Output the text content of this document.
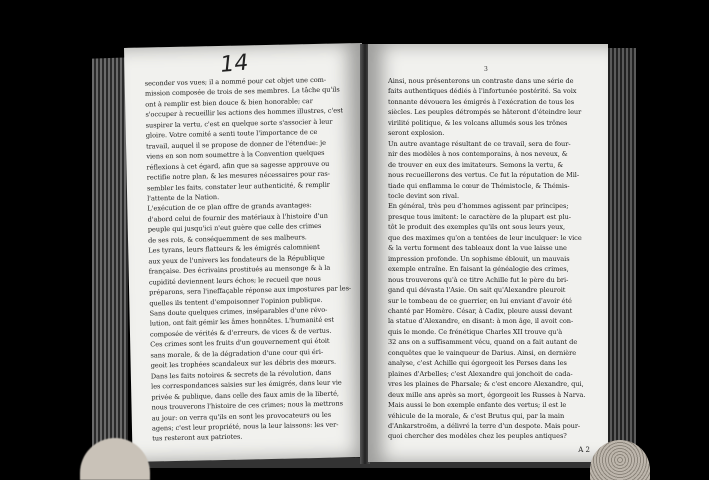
14
seconder vos vues; il a nommé pour cet objet une com-
mission composée de trois de ses membres. La tâche qu'ils
ont à remplir est bien douce & bien honorable; car
s'occuper à recueillir les actions des hommes illustres, c'est
suspirer la vertu, c'est en quelque sorte s'associer à leur
gloire. Votre comité a senti toute l'importance de ce
travail, auquel il se propose de donner de l'étendue: je
viens en son nom soumettre à la Convention quelques
réflexions à cet égard, afin que sa sagesse approuve ou
rectifie notre plan, & les mesures nécessaires pour ras-
sembler les faits, constater leur authenticité, & remplir
l'attente de la Nation.
L'exécution de ce plan offre de grands avantages:
d'abord celui de fournir des matériaux à l'histoire d'un
peuple qui jusqu'ici n'eut guère que celle des crimes
de ses rois, & conséquemment de ses malheurs.
Les tyrans, leurs flatteurs & les émigrés calomnient
aux yeux de l'univers les fondateurs de la République
française. Des écrivains prostitués au mensonge & à la
cupidité deviennent leurs échos; le recueil que nous
préparons, sera l'ineffaçable réponse aux impostures par les-
quelles ils tentent d'empoisonner l'opinion publique.
Sans doute quelques crimes, inséparables d'une révo-
lution, ont fait gémir les âmes honnêtes. L'humanité est
composée de vérités & d'erreurs, de vices & de vertus.
Ces crimes sont les fruits d'un gouvernement qui étoit
sans morale, & de la dégradation d'une cour qui éri-
geoit les trophées scandaleux sur les débris des mœurs.
Dans les faits notoires & secrets de la révolution, dans
les correspondances saisies sur les émigrés, dans leur vie
privée & publique, dans celle des faux amis de la liberté,
nous trouverons l'histoire de ces crimes; nous la mettrons
au jour: on verra qu'ils en sont les provocateurs ou les
agens; c'est leur propriété, nous la leur laissons: les ver-
tus resteront aux patriotes.
3
Ainsi, nous présenterons un contraste dans une série de
faits authentiques dédiés à l'infortunée postérité. Sa voix
tonnante dévouera les émigrés à l'exécration de tous les
siècles. Les peuples détrompés se hâteront d'éteindre leur
virilité politique, & les volcans allumés sous les trônes
seront explosion.
Un autre avantage résultant de ce travail, sera de four-
nir des modèles à nos contemporains, à nos neveux, &
de trouver en eux des imitateurs. Semons la vertu, &
nous recueillerons des vertus. Ce fut la réputation de Mil-
tiade qui enflamma le cœur de Thémistocle, & Thémis-
tocle devint son rival.
En général, très peu d'hommes agissent par principes;
presque tous imitent: le caractère de la plupart est plu-
tôt le produit des exemples qu'ils ont sous leurs yeux,
que des maximes qu'on a tentées de leur inculquer: le vice
& la vertu forment des tableaux dont la vue laisse une
impression profonde. Un sophisme éblouit, un mauvais
exemple entraîne. En faisant la généalogie des crimes,
nous trouverons qu'à ce titre Achille fut le père du bri-
gand qui dévasta l'Asie. On sait qu'Alexandre pleuroit
sur le tombeau de ce guerrier, en lui enviant d'avoir été
chanté par Homère. César, à Cadix, pleure aussi devant
la statue d'Alexandre, en disant: à mon âge, il avoit con-
quis le monde. Ce frénétique Charles XII trouve qu'à
32 ans on a suffisamment vécu, quand on a fait autant de
conquêtes que le vainqueur de Darius. Ainsi, en dernière
analyse, c'est Achille qui égorgeoit les Perses dans les
plaines d'Arbelles; c'est Alexandre qui jonchoit de cada-
vres les plaines de Pharsale; & c'est encore Alexandre, qui,
deux mille ans après sa mort, égorgeoit les Russes à Narva.
Mais aussi le bon exemple enfante des vertus; il est le
véhicule de la morale, & c'est Brutus qui, par la main
d'Ankarstroëm, a délivré la terre d'un despote. Mais pour-
quoi chercher des modèles chez les peuples antiques?
A 2
